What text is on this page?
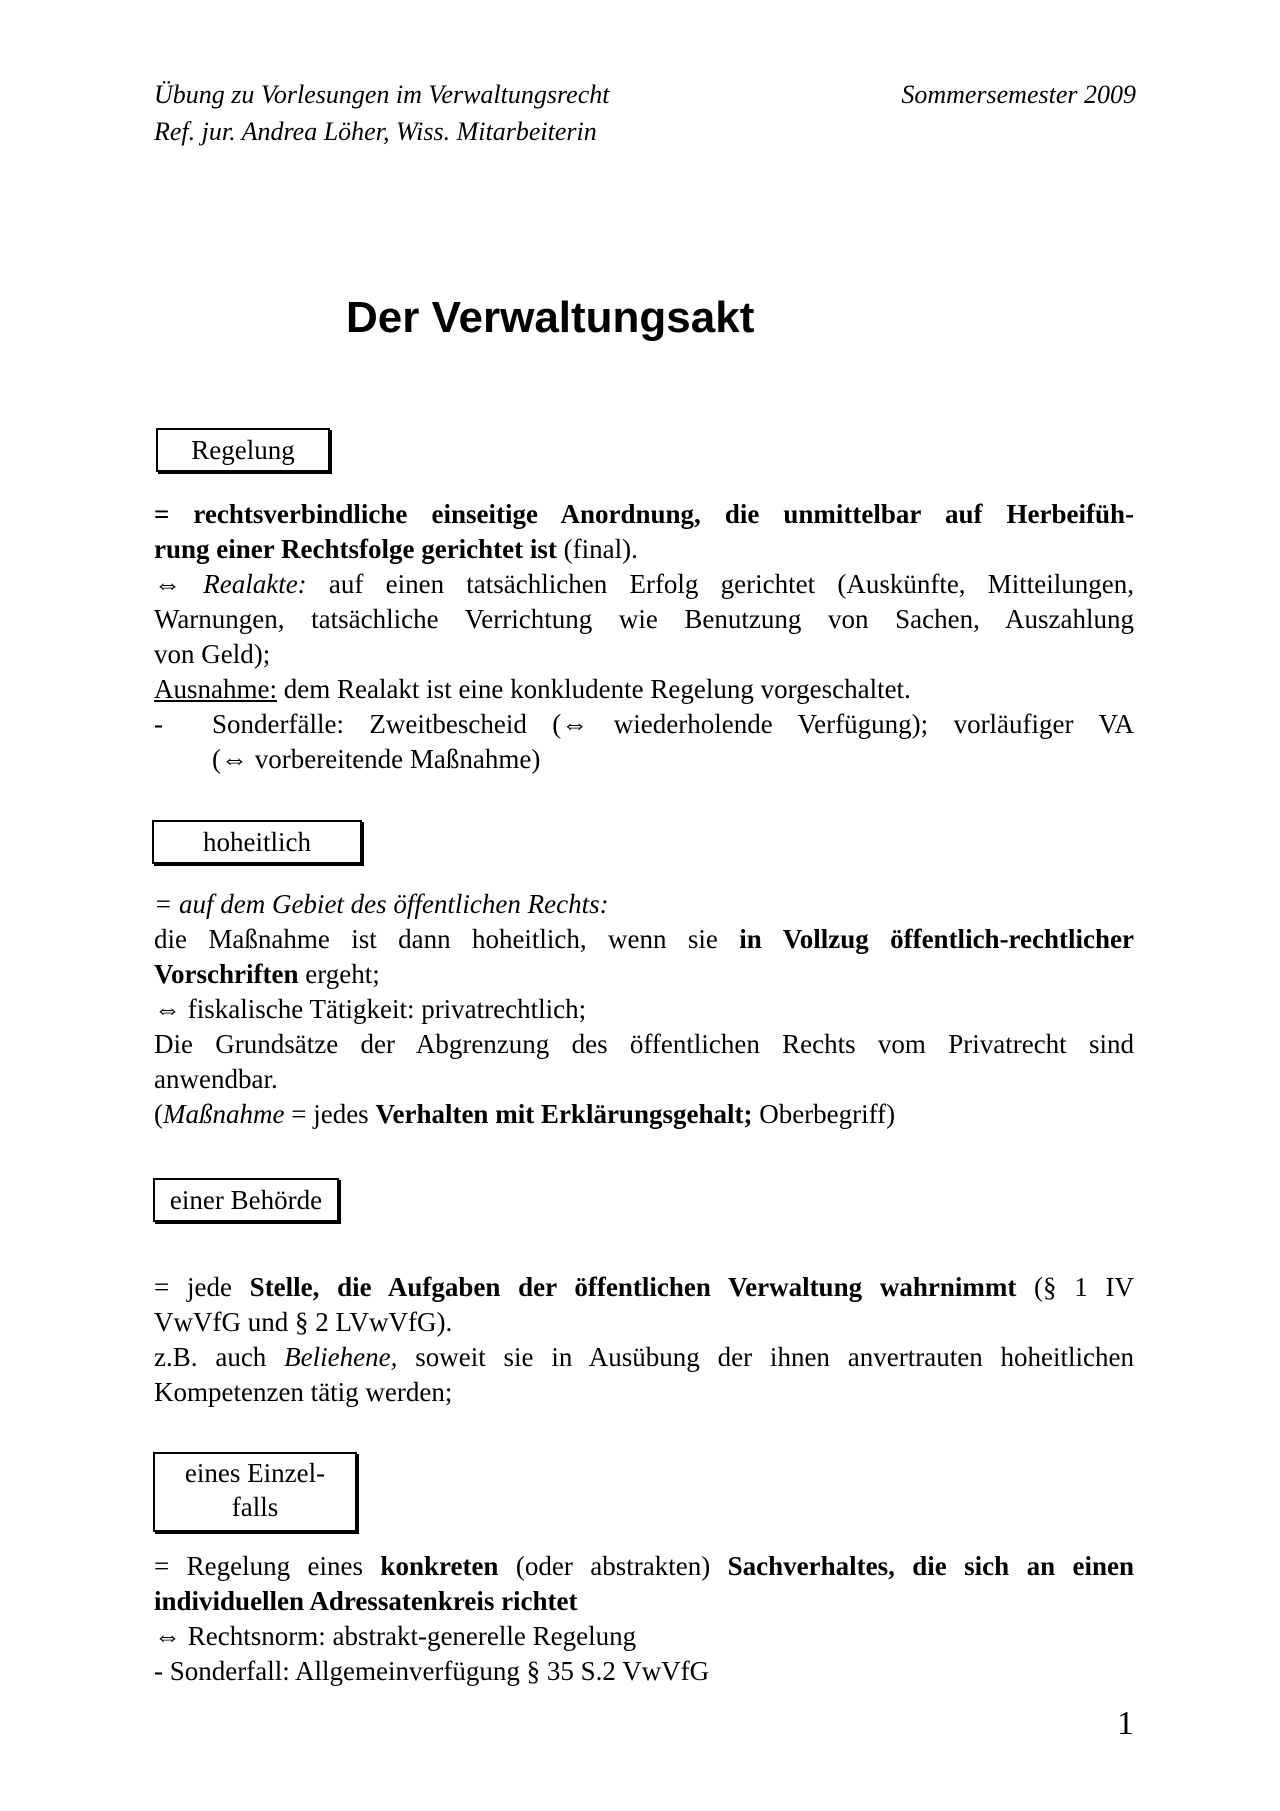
Übung zu Vorlesungen im Verwaltungsrecht
Ref. jur. Andrea Löher, Wiss. Mitarbeiterin
Sommersemester 2009
Der Verwaltungsakt
Regelung
= rechtsverbindliche einseitige Anordnung, die unmittelbar auf Herbeifüh-
rung einer Rechtsfolge gerichtet ist (final).
⇔ Realakte: auf einen tatsächlichen Erfolg gerichtet (Auskünfte, Mitteilungen,
Warnungen, tatsächliche Verrichtung wie Benutzung von Sachen, Auszahlung
von Geld);
Ausnahme: dem Realakt ist eine konkludente Regelung vorgeschaltet.
-	Sonderfälle: Zweitbescheid (⇔ wiederholende Verfügung); vorläufiger VA
(⇔ vorbereitende Maßnahme)
hoheitlich
= auf dem Gebiet des öffentlichen Rechts:
die Maßnahme ist dann hoheitlich, wenn sie in Vollzug öffentlich-rechtlicher
Vorschriften ergeht;
⇔ fiskalische Tätigkeit: privatrechtlich;
Die Grundsätze der Abgrenzung des öffentlichen Rechts vom Privatrecht sind
anwendbar.
(Maßnahme = jedes Verhalten mit Erklärungsgehalt; Oberbegriff)
einer Behörde
= jede Stelle, die Aufgaben der öffentlichen Verwaltung wahrnimmt (§ 1 IV
VwVfG und § 2 LVwVfG).
z.B. auch Beliehene, soweit sie in Ausübung der ihnen anvertrauten hoheitlichen
Kompetenzen tätig werden;
eines Einzel-
falls
= Regelung eines konkreten (oder abstrakten) Sachverhaltes, die sich an einen
individuellen Adressatenkreis richtet
⇔ Rechtsnorm: abstrakt-generelle Regelung
- Sonderfall: Allgemeinverfügung § 35 S.2 VwVfG
1
